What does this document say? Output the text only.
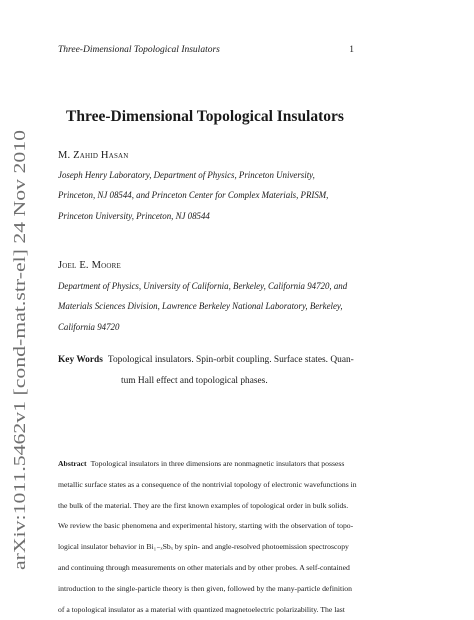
Three-Dimensional Topological Insulators	1
arXiv:1011.5462v1 [cond-mat.str-el] 24 Nov 2010
Three-Dimensional Topological Insulators
M. Zahid Hasan
Joseph Henry Laboratory, Department of Physics, Princeton University,
Princeton, NJ 08544, and Princeton Center for Complex Materials, PRISM,
Princeton University, Princeton, NJ 08544
Joel E. Moore
Department of Physics, University of California, Berkeley, California 94720, and
Materials Sciences Division, Lawrence Berkeley National Laboratory, Berkeley,
California 94720
Key Words Topological insulators. Spin-orbit coupling. Surface states. Quan-
tum Hall effect and topological phases.
Abstract Topological insulators in three dimensions are nonmagnetic insulators that possess
metallic surface states as a consequence of the nontrivial topology of electronic wavefunctions in
the bulk of the material. They are the first known examples of topological order in bulk solids.
We review the basic phenomena and experimental history, starting with the observation of topo-
logical insulator behavior in Bi₁₋ₓSbₓ by spin- and angle-resolved photoemission spectroscopy
and continuing through measurements on other materials and by other probes. A self-contained
introduction to the single-particle theory is then given, followed by the many-particle definition
of a topological insulator as a material with quantized magnetoelectric polarizability. The last
